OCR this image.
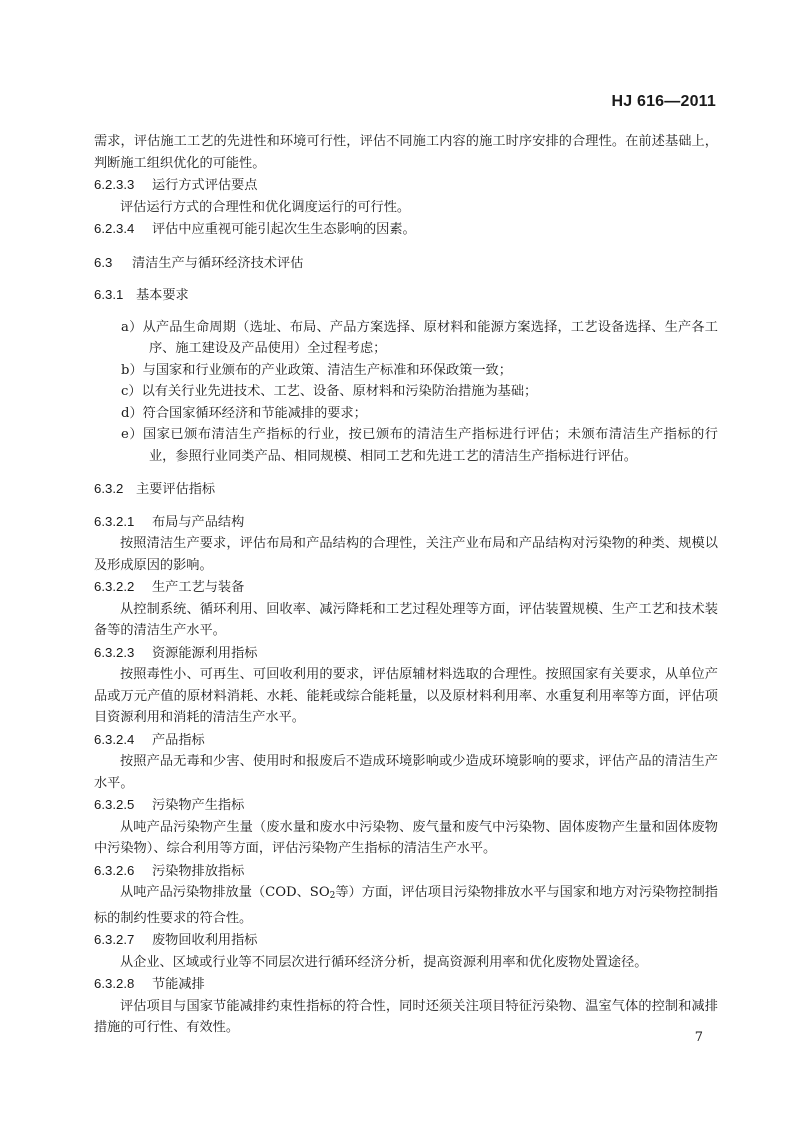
HJ 616—2011

需求，评估施工工艺的先进性和环境可行性，评估不同施工内容的施工时序安排的合理性。在前述基础上，判断施工组织优化的可能性。

6.2.3.3 运行方式评估要点

评估运行方式的合理性和优化调度运行的可行性。

6.2.3.4 评估中应重视可能引起次生生态影响的因素。

6.3 清洁生产与循环经济技术评估

6.3.1 基本要求

a）从产品生命周期（选址、布局、产品方案选择、原材料和能源方案选择，工艺设备选择、生产各工序、施工建设及产品使用）全过程考虑；
b）与国家和行业颁布的产业政策、清洁生产标准和环保政策一致；
c）以有关行业先进技术、工艺、设备、原材料和污染防治措施为基础；
d）符合国家循环经济和节能减排的要求；
e）国家已颁布清洁生产指标的行业，按已颁布的清洁生产指标进行评估；未颁布清洁生产指标的行业，参照行业同类产品、相同规模、相同工艺和先进工艺的清洁生产指标进行评估。

6.3.2 主要评估指标

6.3.2.1 布局与产品结构

按照清洁生产要求，评估布局和产品结构的合理性，关注产业布局和产品结构对污染物的种类、规模以及形成原因的影响。

6.3.2.2 生产工艺与装备

从控制系统、循环利用、回收率、减污降耗和工艺过程处理等方面，评估装置规模、生产工艺和技术装备等的清洁生产水平。

6.3.2.3 资源能源利用指标

按照毒性小、可再生、可回收利用的要求，评估原辅材料选取的合理性。按照国家有关要求，从单位产品或万元产值的原材料消耗、水耗、能耗或综合能耗量，以及原材料利用率、水重复利用率等方面，评估项目资源利用和消耗的清洁生产水平。

6.3.2.4 产品指标

按照产品无毒和少害、使用时和报废后不造成环境影响或少造成环境影响的要求，评估产品的清洁生产水平。

6.3.2.5 污染物产生指标

从吨产品污染物产生量（废水量和废水中污染物、废气量和废气中污染物、固体废物产生量和固体废物中污染物）、综合利用等方面，评估污染物产生指标的清洁生产水平。

6.3.2.6 污染物排放指标

从吨产品污染物排放量（COD、$SO_2$等）方面，评估项目污染物排放水平与国家和地方对污染物控制指标的制约性要求的符合性。

6.3.2.7 废物回收利用指标

从企业、区域或行业等不同层次进行循环经济分析，提高资源利用率和优化废物处置途径。

6.3.2.8 节能减排

评估项目与国家节能减排约束性指标的符合性，同时还须关注项目特征污染物、温室气体的控制和减排措施的可行性、有效性。

7
